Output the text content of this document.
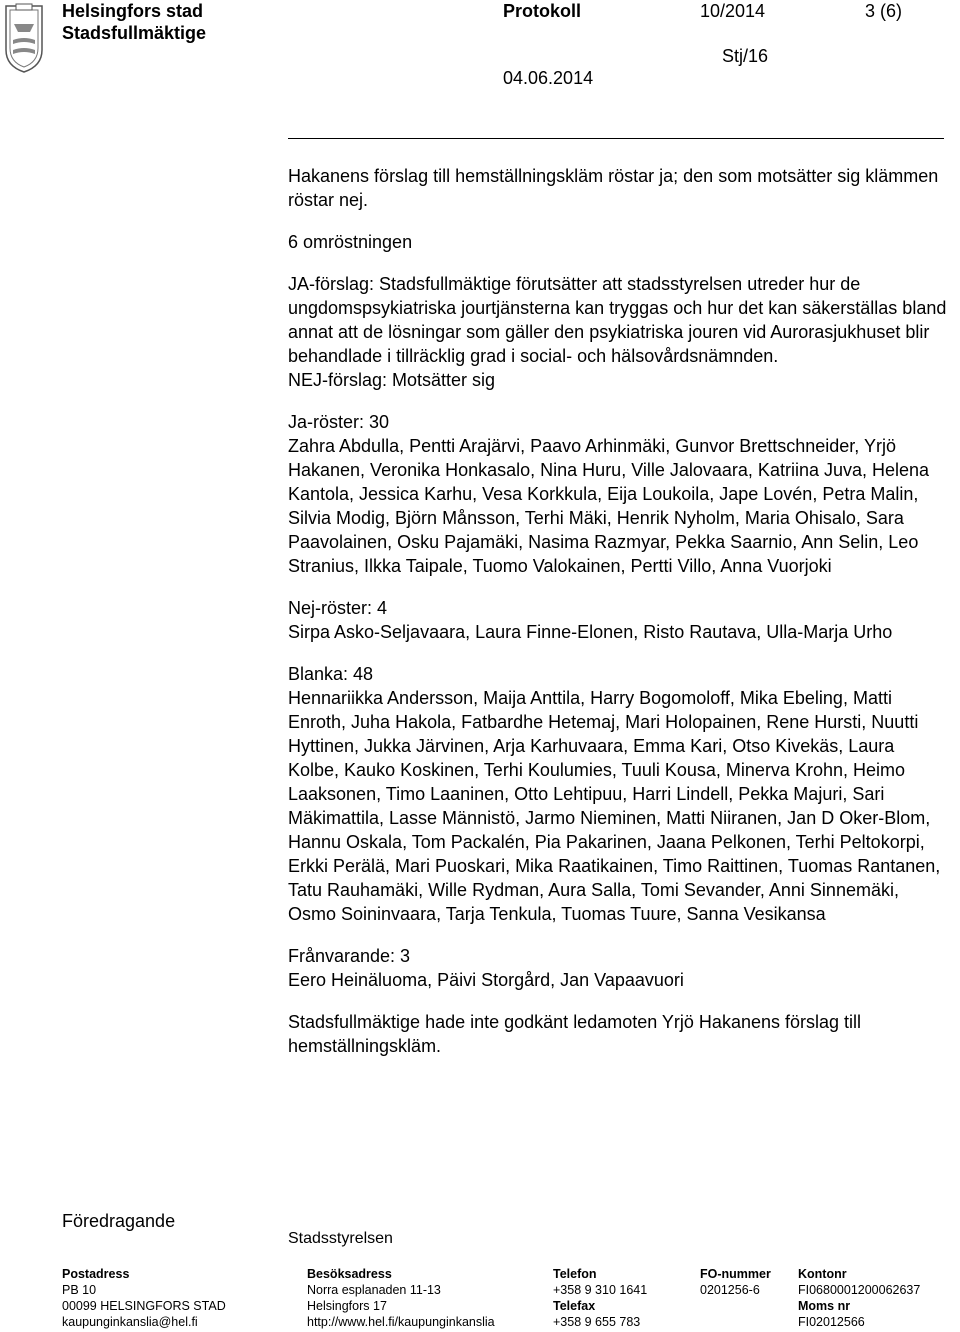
Helsingfors stad
Stadsfullmäktige
Protokoll	10/2014	3 (6)
Stj/16
04.06.2014

Hakanens förslag till hemställningskläm röstar ja; den som motsätter sig klämmen röstar nej.

6 omröstningen

JA-förslag: Stadsfullmäktige förutsätter att stadsstyrelsen utreder hur de ungdomspsykiatriska jourtjänsterna kan tryggas och hur det kan säkerställas bland annat att de lösningar som gäller den psykiatriska jouren vid Aurorasjukhuset blir behandlade i tillräcklig grad i social- och hälsovårdsnämnden.

NEJ-förslag: Motsätter sig

Ja-röster: 30

Zahra Abdulla, Pentti Arajärvi, Paavo Arhinmäki, Gunvor Brettschneider, Yrjö Hakanen, Veronika Honkasalo, Nina Huru, Ville Jalovaara, Katriina Juva, Helena Kantola, Jessica Karhu, Vesa Korkkula, Eija Loukoila, Jape Lovén, Petra Malin, Silvia Modig, Björn Månsson, Terhi Mäki, Henrik Nyholm, Maria Ohisalo, Sara Paavolainen, Osku Pajamäki, Nasima Razmyar, Pekka Saarnio, Ann Selin, Leo Stranius, Ilkka Taipale, Tuomo Valokainen, Pertti Villo, Anna Vuorjoki

Nej-röster: 4

Sirpa Asko-Seljavaara, Laura Finne-Elonen, Risto Rautava, Ulla-Marja Urho

Blanka: 48

Hennariikka Andersson, Maija Anttila, Harry Bogomoloff, Mika Ebeling, Matti Enroth, Juha Hakola, Fatbardhe Hetemaj, Mari Holopainen, Rene Hursti, Nuutti Hyttinen, Jukka Järvinen, Arja Karhuvaara, Emma Kari, Otso Kivekäs, Laura Kolbe, Kauko Koskinen, Terhi Koulumies, Tuuli Kousa, Minerva Krohn, Heimo Laaksonen, Timo Laaninen, Otto Lehtipuu, Harri Lindell, Pekka Majuri, Sari Mäkimattila, Lasse Männistö, Jarmo Nieminen, Matti Niiranen, Jan D Oker-Blom, Hannu Oskala, Tom Packalén, Pia Pakarinen, Jaana Pelkonen, Terhi Peltokorpi, Erkki Perälä, Mari Puoskari, Mika Raatikainen, Timo Raittinen, Tuomas Rantanen, Tatu Rauhamäki, Wille Rydman, Aura Salla, Tomi Sevander, Anni Sinnemäki, Osmo Soininvaara, Tarja Tenkula, Tuomas Tuure, Sanna Vesikansa

Frånvarande: 3

Eero Heinäluoma, Päivi Storgård, Jan Vapaavuori

Stadsfullmäktige hade inte godkänt ledamoten Yrjö Hakanens förslag till hemställningskläm.

Föredragande
Stadsstyrelsen
Postadress
PB 10
00099 HELSINGFORS STAD
kaupunginkanslia@hel.fi
Besöksadress
Norra esplanaden 11-13
Helsingfors 17
http://www.hel.fi/kaupunginkanslia
Telefon
+358 9 310 1641
Telefax
+358 9 655 783
FO-nummer
0201256-6
Kontonr
FI0680001200062637
Moms nr
FI02012566
